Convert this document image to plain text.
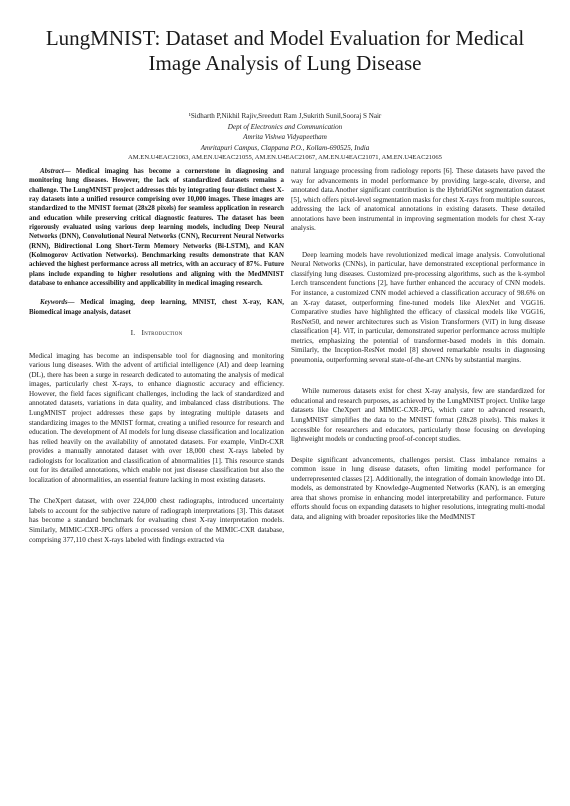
LungMNIST: Dataset and Model Evaluation for Medical Image Analysis of Lung Disease
¹Sidharth P,Nikhil Rajiv,Sreedutt Ram J,Sukrith Sunil,Sooraj S Nair
Dept of Electronics and Communication
Amrita Vishwa Vidyapeetham
Amritapuri Campus, Clappana P.O., Kollam-690525, India
AM.EN.U4EAC21063, AM.EN.U4EAC21055, AM.EN.U4EAC21067, AM.EN.U4EAC21071, AM.EN.U4EAC21065

Abstract— Medical imaging has become a cornerstone in diagnosing and monitoring lung diseases. However, the lack of standardized datasets remains a challenge. The LungMNIST project addresses this by integrating four distinct chest X-ray datasets into a unified resource comprising over 10,000 images. These images are standardized to the MNIST format (28x28 pixels) for seamless application in research and education while preserving critical diagnostic features. The dataset has been rigorously evaluated using various deep learning models, including Deep Neural Networks (DNN), Convolutional Neural Networks (CNN), Recurrent Neural Networks (RNN), Bidirectional Long Short-Term Memory Networks (Bi-LSTM), and KAN (Kolmogorov Activation Networks). Benchmarking results demonstrate that KAN achieved the highest performance across all metrics, with an accuracy of 87%. Future plans include expanding to higher resolutions and aligning with the MedMNIST database to enhance accessibility and applicability in medical imaging research.

Keywords— Medical imaging, deep learning, MNIST, chest X-ray, KAN, Biomedical image analysis, dataset

I. Introduction

Medical imaging has become an indispensable tool for diagnosing and monitoring various lung diseases. With the advent of artificial intelligence (AI) and deep learning (DL), there has been a surge in research dedicated to automating the analysis of medical images, particularly chest X-rays, to enhance diagnostic accuracy and efficiency. However, the field faces significant challenges, including the lack of standardized and annotated datasets, variations in data quality, and imbalanced class distributions. The LungMNIST project addresses these gaps by integrating multiple datasets and standardizing images to the MNIST format, creating a unified resource for research and education. The development of AI models for lung disease classification and localization has relied heavily on the availability of annotated datasets. For example, VinDr-CXR provides a manually annotated dataset with over 18,000 chest X-rays labeled by radiologists for localization and classification of abnormalities [1]. This resource stands out for its detailed annotations, which enable not just disease classification but also the localization of abnormalities, an essential feature lacking in most existing datasets.

The CheXpert dataset, with over 224,000 chest radiographs, introduced uncertainty labels to account for the subjective nature of radiograph interpretations [3]. This dataset has become a standard benchmark for evaluating chest X-ray interpretation models. Similarly, MIMIC-CXR-JPG offers a processed version of the MIMIC-CXR database, comprising 377,110 chest X-rays labeled with findings extracted via

natural language processing from radiology reports [6]. These datasets have paved the way for advancements in model performance by providing large-scale, diverse, and annotated data.Another significant contribution is the HybridGNet segmentation dataset [5], which offers pixel-level segmentation masks for chest X-rays from multiple sources, addressing the lack of anatomical annotations in existing datasets. These detailed annotations have been instrumental in improving segmentation models for chest X-ray analysis.

Deep learning models have revolutionized medical image analysis. Convolutional Neural Networks (CNNs), in particular, have demonstrated exceptional performance in classifying lung diseases. Customized pre-processing algorithms, such as the k-symbol Lerch transcendent functions [2], have further enhanced the accuracy of CNN models. For instance, a customized CNN model achieved a classification accuracy of 98.6% on an X-ray dataset, outperforming fine-tuned models like AlexNet and VGG16. Comparative studies have highlighted the efficacy of classical models like VGG16, ResNet50, and newer architectures such as Vision Transformers (ViT) in lung disease classification [4]. ViT, in particular, demonstrated superior performance across multiple metrics, emphasizing the potential of transformer-based models in this domain. Similarly, the Inception-ResNet model [8] showed remarkable results in diagnosing pneumonia, outperforming several state-of-the-art CNNs by substantial margins.

While numerous datasets exist for chest X-ray analysis, few are standardized for educational and research purposes, as achieved by the LungMNIST project. Unlike large datasets like CheXpert and MIMIC-CXR-JPG, which cater to advanced research, LungMNIST simplifies the data to the MNIST format (28x28 pixels). This makes it accessible for researchers and educators, particularly those focusing on developing lightweight models or conducting proof-of-concept studies.

Despite significant advancements, challenges persist. Class imbalance remains a common issue in lung disease datasets, often limiting model performance for underrepresented classes [2]. Additionally, the integration of domain knowledge into DL models, as demonstrated by Knowledge-Augmented Networks (KAN), is an emerging area that shows promise in enhancing model interpretability and performance. Future efforts should focus on expanding datasets to higher resolutions, integrating multi-modal data, and aligning with broader repositories like the MedMNIST
